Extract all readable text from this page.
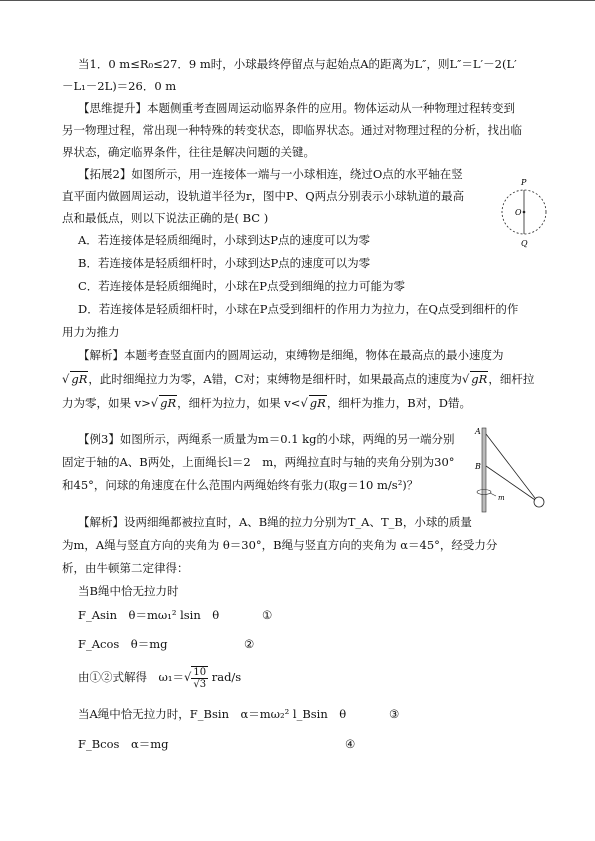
当1．0 m≤R₀≤27．9 m时，小球最终停留点与起始点A的距离为L″，则L″＝L′－2(L′
－L₁－2L)＝26．0 m
【思维提升】本题侧重考查圆周运动临界条件的应用。物体运动从一种物理过程转变到
另一物理过程，常出现一种特殊的转变状态，即临界状态。通过对物理过程的分析，找出临
界状态，确定临界条件，往往是解决问题的关键。
【拓展2】如图所示，用一连接体一端与一小球相连，绕过O点的水平轴在竖
直平面内做圆周运动，设轨道半径为r，图中P、Q两点分别表示小球轨道的最高
点和最低点，则以下说法正确的是( BC )
P
O
Q
A．若连接体是轻质细绳时，小球到达P点的速度可以为零
B．若连接体是轻质细杆时，小球到达P点的速度可以为零
C．若连接体是轻质细绳时，小球在P点受到细绳的拉力可能为零
D．若连接体是轻质细杆时，小球在P点受到细杆的作用力为拉力，在Q点受到细杆的作
用力为推力
【解析】本题考查竖直面内的圆周运动，束缚物是细绳，物体在最高点的最小速度为
√ gR，此时细绳拉力为零，A错，C对；束缚物是细杆时，如果最高点的速度为√ gR，细杆拉
力为零，如果 v>√ gR，细杆为拉力，如果 v<√ gR，细杆为推力，B对，D错。
【例3】如图所示，两绳系一质量为m＝0.1 kg的小球，两绳的另一端分别
固定于轴的A、B两处，上面绳长l＝2　m，两绳拉直时与轴的夹角分别为30°
和45°，问球的角速度在什么范围内两绳始终有张力(取g＝10 m/s²)？
A
B
m
【解析】设两细绳都被拉直时，A、B绳的拉力分别为T_A、T_B，小球的质量
为m，A绳与竖直方向的夹角为 θ＝30°，B绳与竖直方向的夹角为 α＝45°，经受力分
析，由牛顿第二定律得：
当B绳中恰无拉力时
F_Asin　θ＝mω₁² lsin　θ	①
F_Acos　θ＝mg	②
由①②式解得　$\omega_1=√ \frac{10}{√3} rad/s$
当A绳中恰无拉力时，F_Bsin　α＝mω₂² l_Bsin　θ	③
F_Bcos　α＝mg	④
